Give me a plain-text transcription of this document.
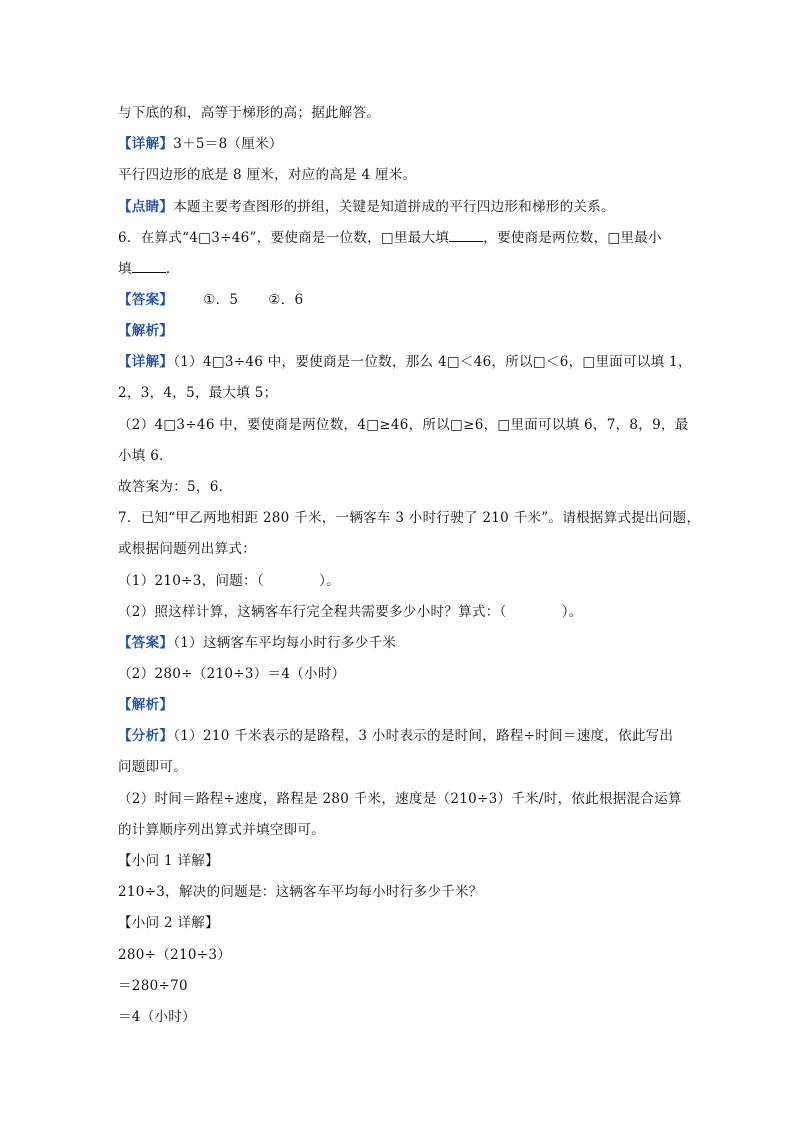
与下底的和，高等于梯形的高；据此解答。
【详解】3＋5＝8（厘米）
平行四边形的底是 8 厘米，对应的高是 4 厘米。
【点睛】本题主要考查图形的拼组，关键是知道拼成的平行四边形和梯形的关系。
6．在算式“4□3÷46”，要使商是一位数，□里最大填	，要使商是两位数，□里最小
填	．
【答案】 ①．5 ②．6
【解析】
【详解】（1）4□3÷46 中，要使商是一位数，那么 4□＜46，所以□＜6，□里面可以填 1，
2，3，4，5，最大填 5；
（2）4□3÷46 中，要使商是两位数，4□≥46，所以□≥6，□里面可以填 6，7，8，9，最
小填 6．
故答案为：5，6．
7．已知“甲乙两地相距 280 千米，一辆客车 3 小时行驶了 210 千米”。请根据算式提出问题，
或根据问题列出算式：
（1）210÷3，问题：（　　　　）。
（2）照这样计算，这辆客车行完全程共需要多少小时？算式：（　　　　）。
【答案】（1）这辆客车平均每小时行多少千米
（2）280÷（210÷3）＝4（小时）
【解析】
【分析】（1）210 千米表示的是路程，3 小时表示的是时间，路程÷时间＝速度，依此写出
问题即可。
（2）时间＝路程÷速度，路程是 280 千米，速度是（210÷3）千米/时，依此根据混合运算
的计算顺序列出算式并填空即可。
【小问 1 详解】
210÷3，解决的问题是：这辆客车平均每小时行多少千米？
【小问 2 详解】
280÷（210÷3）
＝280÷70
＝4（小时）
